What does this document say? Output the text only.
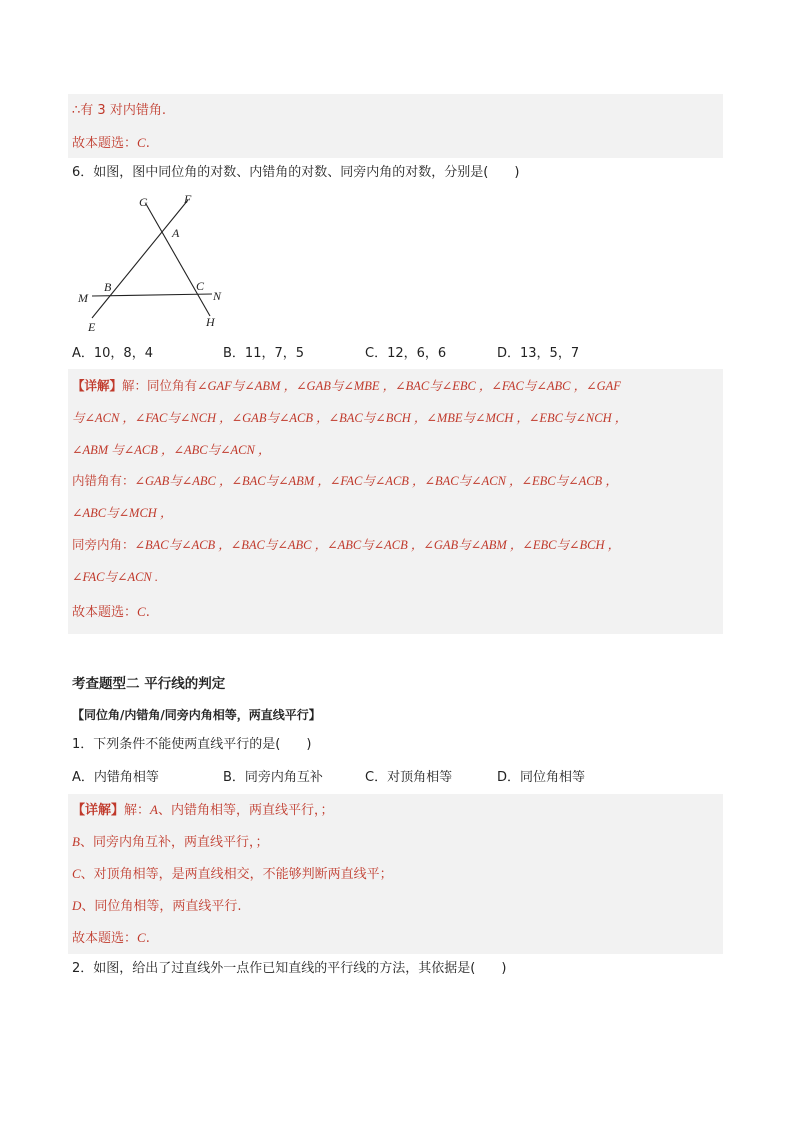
∴有 3 对内错角.
故本题选：C.
6．如图，图中同位角的对数、内错角的对数、同旁内角的对数，分别是(　　)
G	F
A
B	C
M	N
E	H
A．10，8，4	B．11，7，5	C．12，6，6	D．13，5，7
【详解】解：同位角有∠GAF与∠ABM ，∠GAB与∠MBE ，∠BAC与∠EBC ，∠FAC与∠ABC ，∠GAF
与∠ACN ，∠FAC与∠NCH ，∠GAB与∠ACB ，∠BAC与∠BCH ，∠MBE与∠MCH ，∠EBC与∠NCH ，
∠ABM 与∠ACB ，∠ABC与∠ACN ，
内错角有：∠GAB与∠ABC ，∠BAC与∠ABM ，∠FAC与∠ACB ，∠BAC与∠ACN ，∠EBC与∠ACB ，
∠ABC与∠MCH ，
同旁内角：∠BAC与∠ACB ，∠BAC与∠ABC ，∠ABC与∠ACB ，∠GAB与∠ABM ，∠EBC与∠BCH ，
∠FAC与∠ACN .
故本题选：C.
考查题型二 平行线的判定
【同位角/内错角/同旁内角相等，两直线平行】
1．下列条件不能使两直线平行的是(　　)
A．内错角相等	B．同旁内角互补	C．对顶角相等	D．同位角相等
【详解】解：A、内错角相等，两直线平行，；
B、同旁内角互补，两直线平行，；
C、对顶角相等，是两直线相交，不能够判断两直线平；
D、同位角相等，两直线平行.
故本题选：C.
2．如图，给出了过直线外一点作已知直线的平行线的方法，其依据是(　　)
